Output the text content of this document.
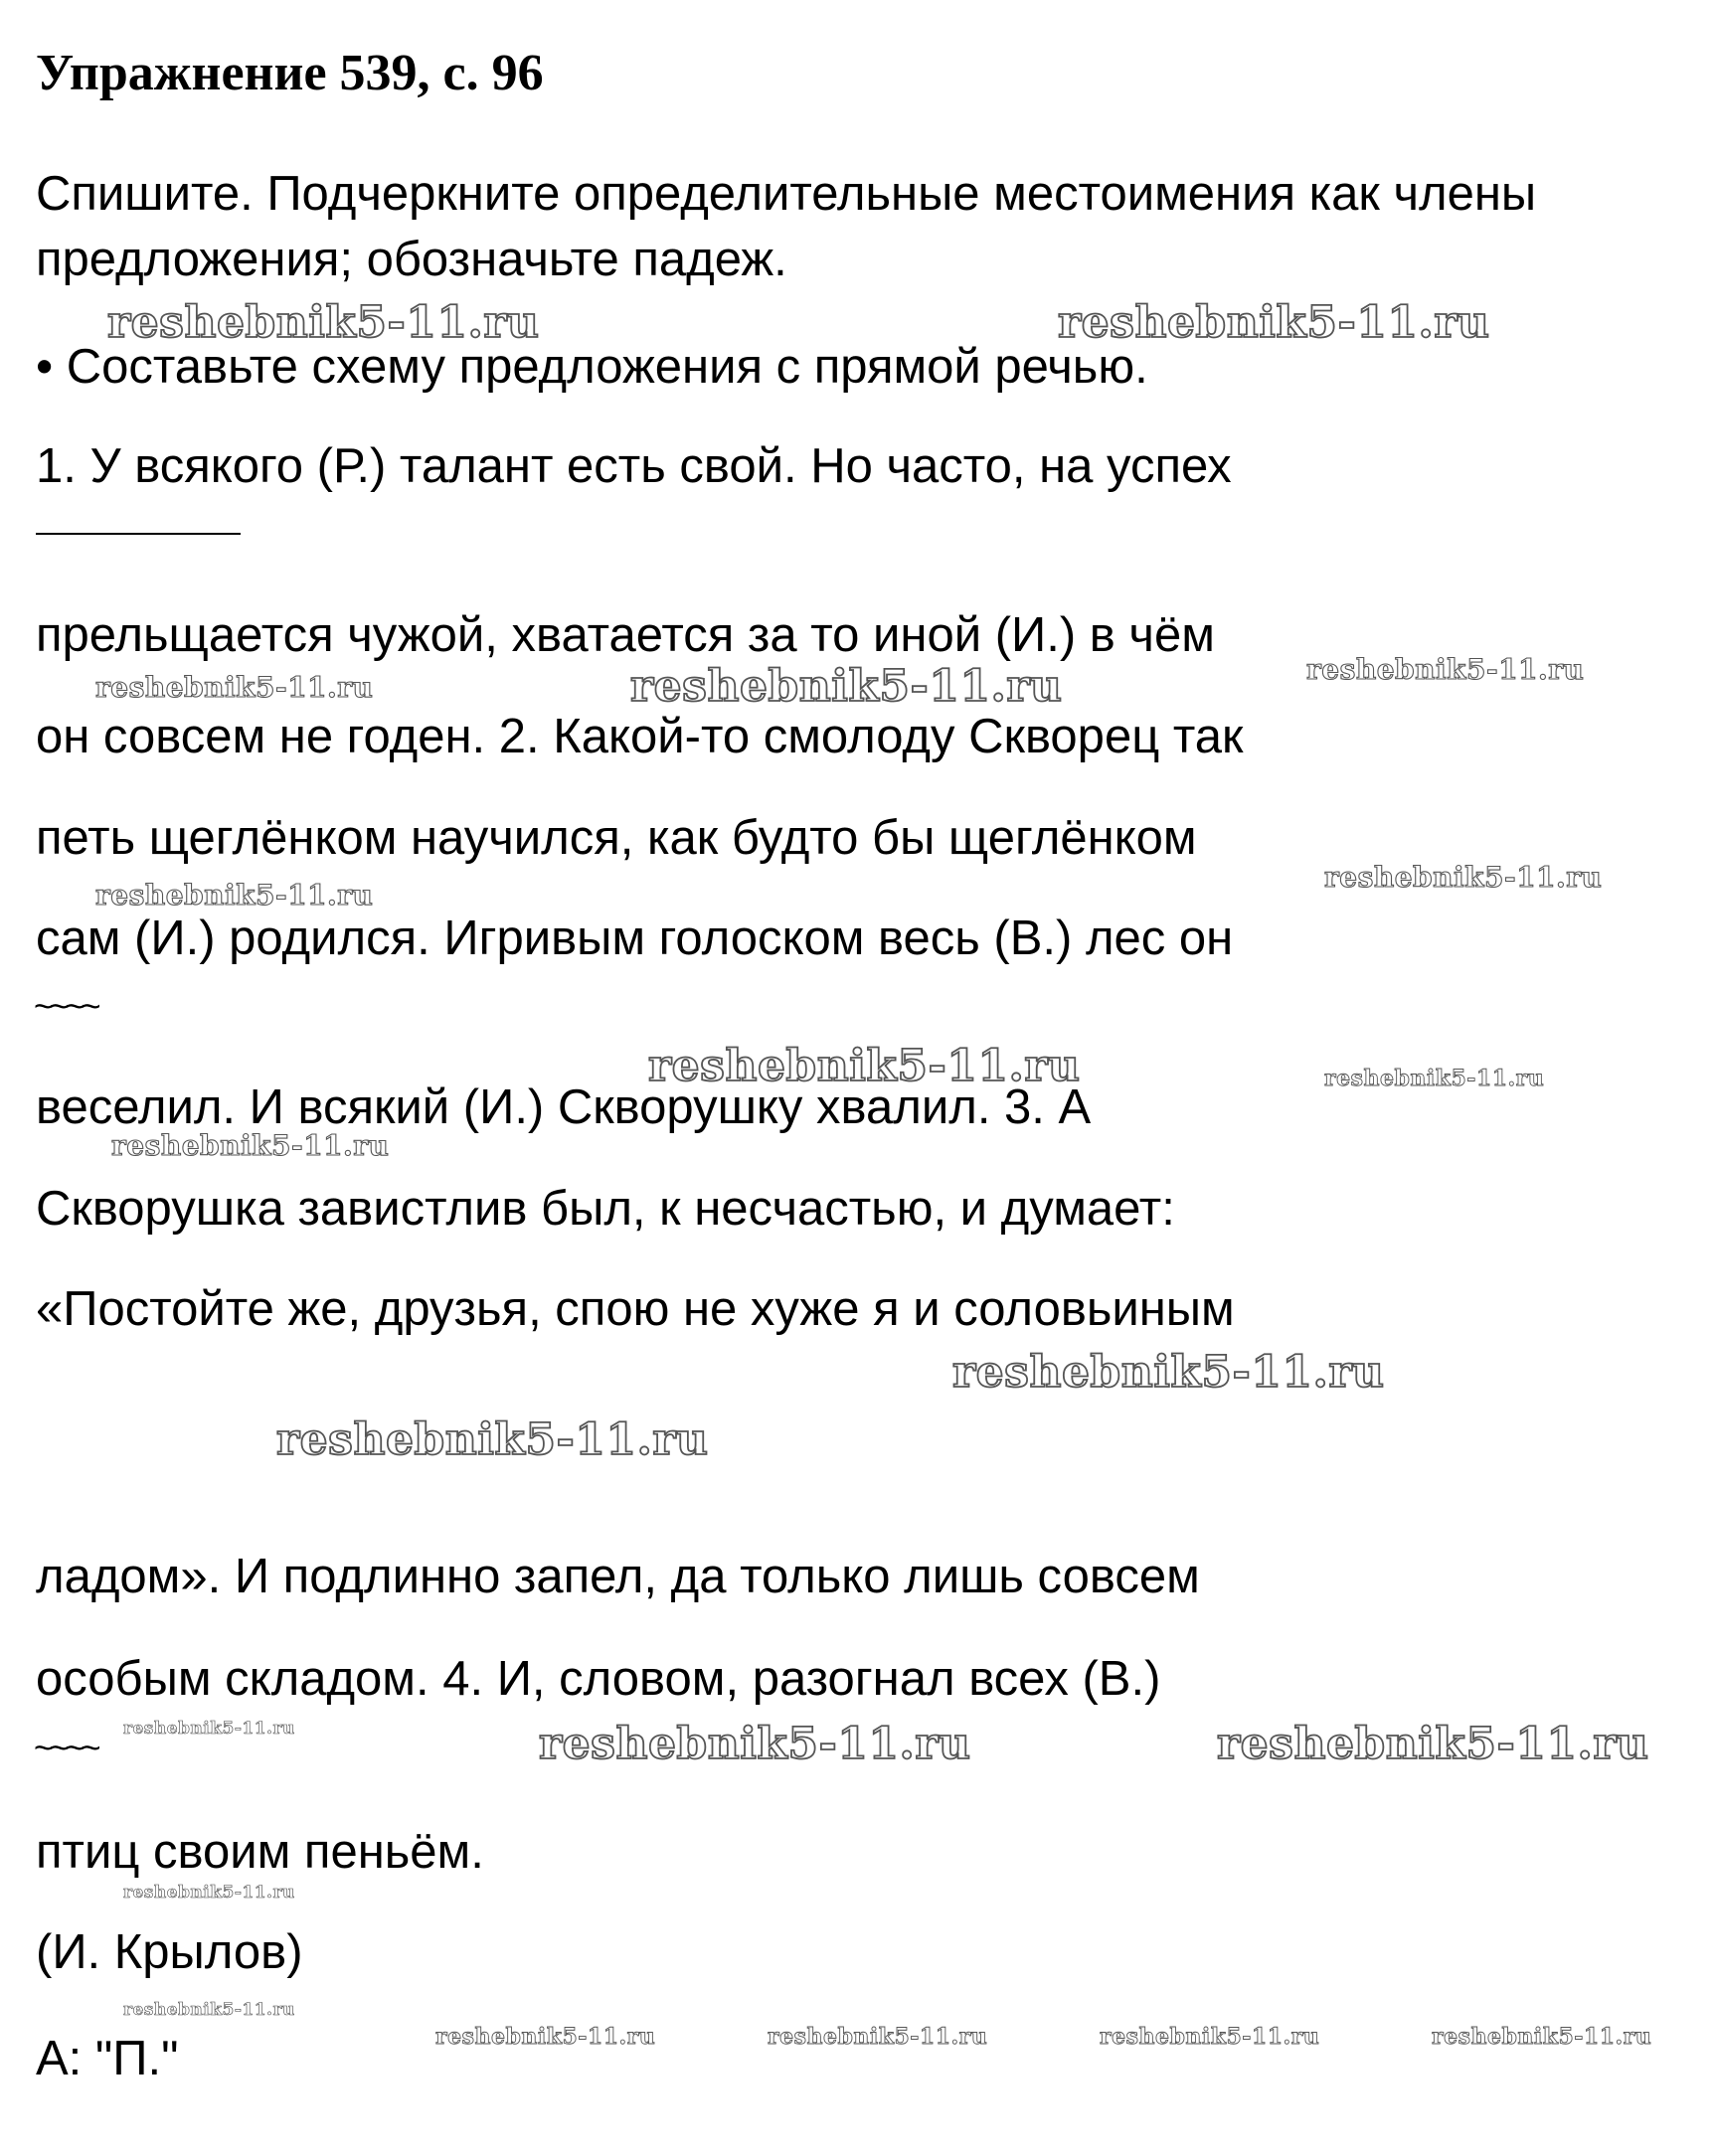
Упражнение 539, с. 96
Спишите. Подчеркните определительные местоимения как члены
предложения; обозначьте падеж.
• Составьте схему предложения с прямой речью.
1. У всякого (Р.) талант есть свой. Но часто, на успех
прельщается чужой, хватается за то иной (И.) в чём
он совсем не годен. 2. Какой-то смолоду Скворец так
петь щеглёнком научился, как будто бы щеглёнком
сам (И.) родился. Игривым голоском весь (В.) лес он
~~~~
веселил. И всякий (И.) Скворушку хвалил. 3. А
Скворушка завистлив был, к несчастью, и думает:
«Постойте же, друзья, спою не хуже я и соловьиным
ладом». И подлинно запел, да только лишь совсем
особым складом. 4. И, словом, разогнал всех (В.)
~~~~
птиц своим пеньём.
(И. Крылов)
А: "П."
reshebnik5-11.ru	reshebnik5-11.ru
reshebnik5-11.ru	reshebnik5-11.ru	reshebnik5-11.ru
reshebnik5-11.ru
reshebnik5-11.ru
reshebnik5-11.ru	reshebnik5-11.ru
reshebnik5-11.ru
reshebnik5-11.ru
reshebnik5-11.ru
reshebnik5-11.ru	reshebnik5-11.ru	reshebnik5-11.ru
reshebnik5-11.ru
reshebnik5-11.ru
reshebnik5-11.ru	reshebnik5-11.ru	reshebnik5-11.ru	reshebnik5-11.ru
